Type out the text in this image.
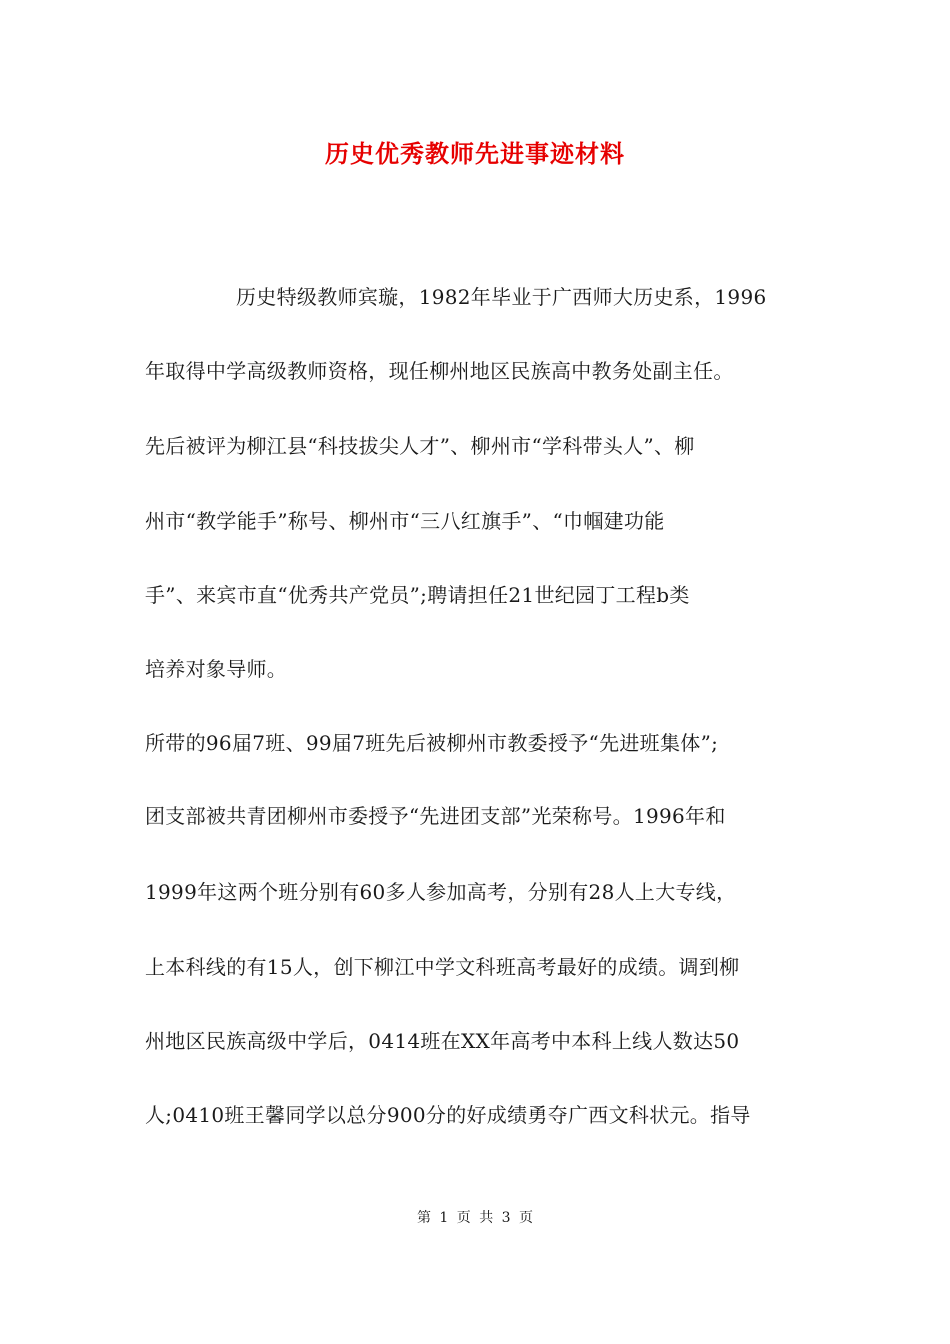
历史优秀教师先进事迹材料
历史特级教师宾璇，1982年毕业于广西师大历史系，1996
年取得中学高级教师资格，现任柳州地区民族高中教务处副主任。
先后被评为柳江县“科技拔尖人才”、柳州市“学科带头人”、柳
州市“教学能手”称号、柳州市“三八红旗手”、“巾帼建功能
手”、来宾市直“优秀共产党员”;聘请担任21世纪园丁工程b类
培养对象导师。
所带的96届7班、99届7班先后被柳州市教委授予“先进班集体”;
团支部被共青团柳州市委授予“先进团支部”光荣称号。1996年和
1999年这两个班分别有60多人参加高考，分别有28人上大专线，
上本科线的有15人，创下柳江中学文科班高考最好的成绩。调到柳
州地区民族高级中学后，0414班在XX年高考中本科上线人数达50
人;0410班王馨同学以总分900分的好成绩勇夺广西文科状元。指导
第 1 页 共 3 页
